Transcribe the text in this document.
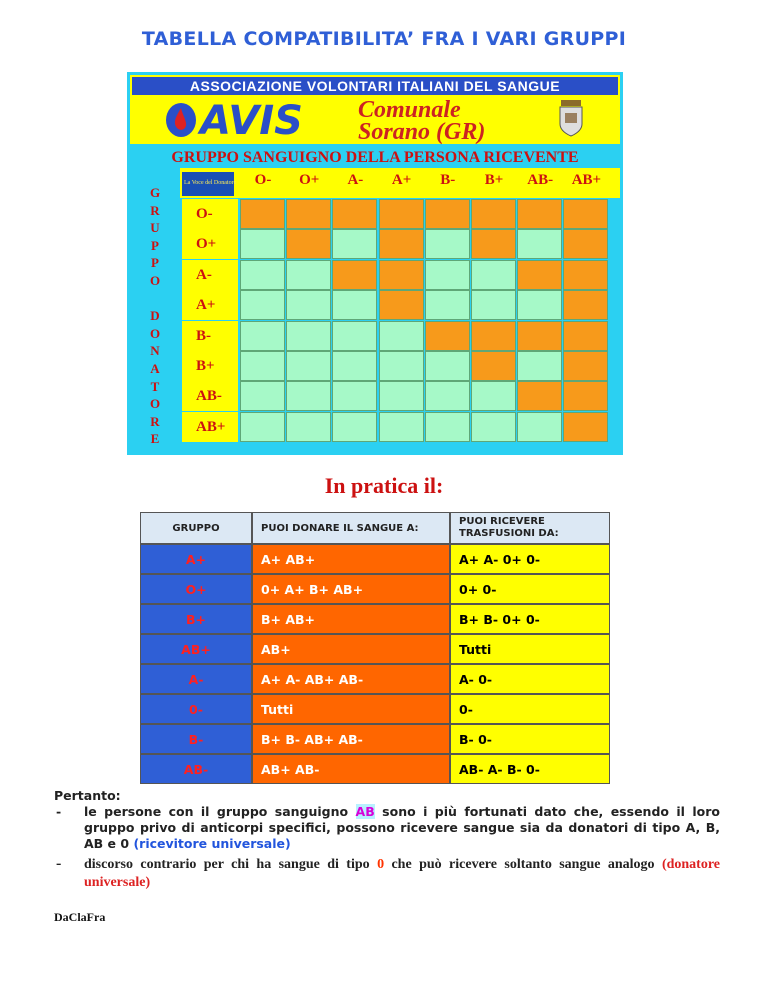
TABELLA COMPATIBILITA’ FRA I VARI GRUPPI
ASSOCIAZIONE VOLONTARI ITALIANI DEL SANGUE
AVIS Comunale
Sorano (GR)
GRUPPO SANGUIGNO DELLA PERSONA RICEVENTE
G
R
U
P
P
O

D
O
N
A
T
O
R
E
La Voce del Donatore	O-	O+	A-	A+	B-	B+	AB-	AB+
O-
O+
A-
A+
B-
B+
AB-
AB+
In pratica il:
GRUPPO	PUOI DONARE IL SANGUE A:	PUOI RICEVERE TRASFUSIONI DA:
A+	A+ AB+	A+ A- 0+ 0-
O+	0+ A+ B+ AB+	0+ 0-
B+	B+ AB+	B+ B- 0+ 0-
AB+	AB+	Tutti
A-	A+ A- AB+ AB-	A- 0-
0-	Tutti	0-
B-	B+ B- AB+ AB-	B- 0-
AB-	AB+ AB-	AB- A- B- 0-
Pertanto:
-	le persone con il gruppo sanguigno AB sono i più fortunati dato che, essendo il loro gruppo privo di anticorpi specifici, possono ricevere sangue sia da donatori di tipo A, B, AB e 0 (ricevitore universale)
-	discorso contrario per chi ha sangue di tipo 0 che può ricevere soltanto sangue analogo (donatore universale)
DaClaFra
